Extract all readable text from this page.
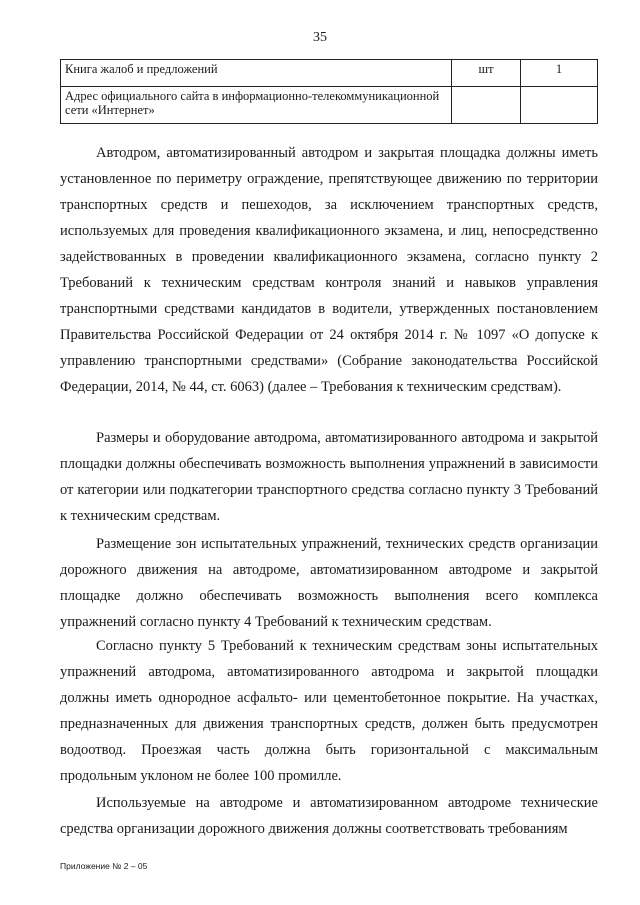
35
Книга жалоб и предложений	шт	1
Адрес официального сайта в информационно-телекоммуникационной сети «Интернет»		

Автодром, автоматизированный автодром и закрытая площадка должны иметь установленное по периметру ограждение, препятствующее движению по территории транспортных средств и пешеходов, за исключением транспортных средств, используемых для проведения квалификационного экзамена, и лиц, непосредственно задействованных в проведении квалификационного экзамена, согласно пункту 2 Требований к техническим средствам контроля знаний и навыков управления транспортными средствами кандидатов в водители, утвержденных постановлением Правительства Российской Федерации от 24 октября 2014 г. № 1097 «О допуске к управлению транспортными средствами» (Собрание законодательства Российской Федерации, 2014, № 44, ст. 6063) (далее – Требования к техническим средствам).

Размеры и оборудование автодрома, автоматизированного автодрома и закрытой площадки должны обеспечивать возможность выполнения упражнений в зависимости от категории или подкатегории транспортного средства согласно пункту 3 Требований к техническим средствам.

Размещение зон испытательных упражнений, технических средств организации дорожного движения на автодроме, автоматизированном автодроме и закрытой площадке должно обеспечивать возможность выполнения всего комплекса упражнений согласно пункту 4 Требований к техническим средствам.

Согласно пункту 5 Требований к техническим средствам зоны испытательных упражнений автодрома, автоматизированного автодрома и закрытой площадки должны иметь однородное асфальто- или цементобетонное покрытие. На участках, предназначенных для движения транспортных средств, должен быть предусмотрен водоотвод. Проезжая часть должна быть горизонтальной с максимальным продольным уклоном не более 100 промилле.

Используемые на автодроме и автоматизированном автодроме технические средства организации дорожного движения должны соответствовать требованиям

Приложение № 2 – 05
